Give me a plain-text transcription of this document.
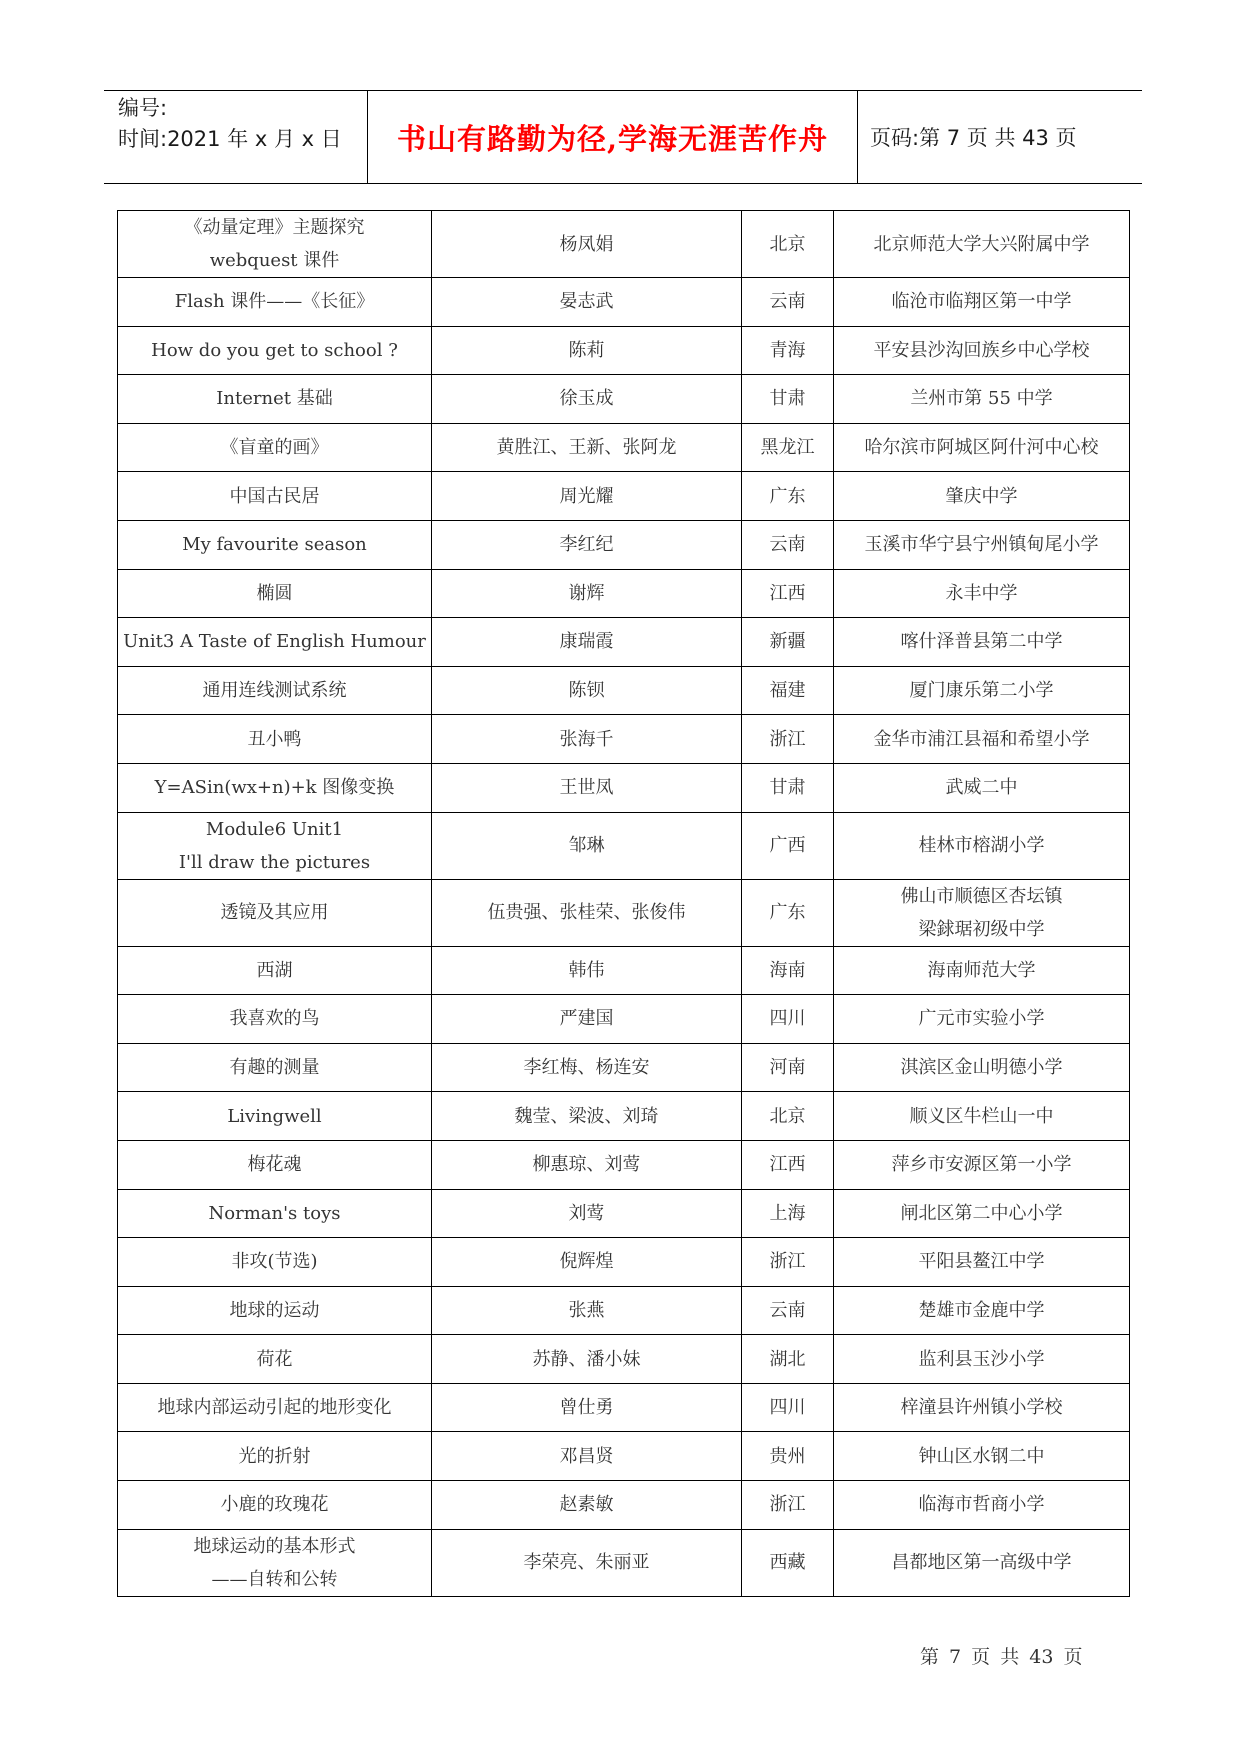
编号:
时间:2021 年 x 月 x 日	书山有路勤为径,学海无涯苦作舟	页码:第 7 页 共 43 页
《动量定理》主题探究
webquest 课件	杨凤娟	北京	北京师范大学大兴附属中学
Flash 课件——《长征》	晏志武	云南	临沧市临翔区第一中学
How do you get to school ?	陈莉	青海	平安县沙沟回族乡中心学校
Internet 基础	徐玉成	甘肃	兰州市第 55 中学
《盲童的画》	黄胜江、王新、张阿龙	黑龙江	哈尔滨市阿城区阿什河中心校
中国古民居	周光耀	广东	肇庆中学
My favourite season	李红纪	云南	玉溪市华宁县宁州镇甸尾小学
椭圆	谢辉	江西	永丰中学
Unit3 A Taste of English Humour	康瑞霞	新疆	喀什泽普县第二中学
通用连线测试系统	陈钡	福建	厦门康乐第二小学
丑小鸭	张海千	浙江	金华市浦江县福和希望小学
Y=ASin(wx+n)+k 图像变换	王世凤	甘肃	武威二中
Module6 Unit1
I'll draw the pictures	邹琳	广西	桂林市榕湖小学
透镜及其应用	伍贵强、张桂荣、张俊伟	广东	佛山市顺德区杏坛镇
梁銶琚初级中学
西湖	韩伟	海南	海南师范大学
我喜欢的鸟	严建国	四川	广元市实验小学
有趣的测量	李红梅、杨连安	河南	淇滨区金山明德小学
Livingwell	魏莹、梁波、刘琦	北京	顺义区牛栏山一中
梅花魂	柳惠琼、刘莺	江西	萍乡市安源区第一小学
Norman's toys	刘莺	上海	闸北区第二中心小学
非攻(节选)	倪辉煌	浙江	平阳县鳌江中学
地球的运动	张燕	云南	楚雄市金鹿中学
荷花	苏静、潘小妹	湖北	监利县玉沙小学
地球内部运动引起的地形变化	曾仕勇	四川	梓潼县许州镇小学校
光的折射	邓昌贤	贵州	钟山区水钢二中
小鹿的玫瑰花	赵素敏	浙江	临海市哲商小学
地球运动的基本形式
——自转和公转	李荣亮、朱丽亚	西藏	昌都地区第一高级中学
第 7 页 共 43 页
